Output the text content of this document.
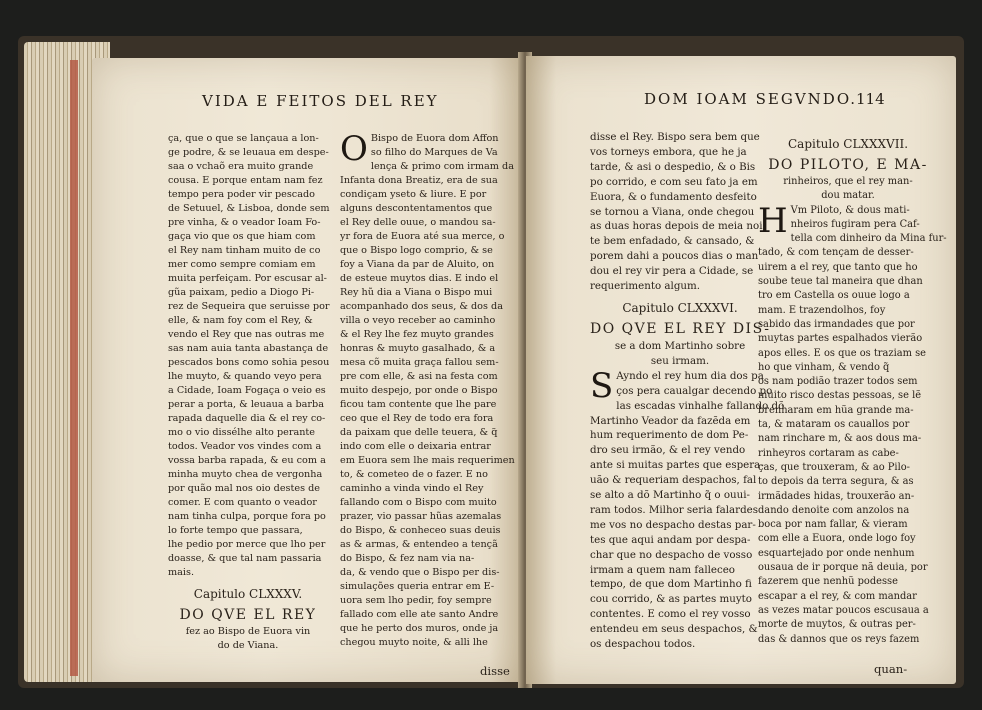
VIDA E FEITOS DEL REY
ça, que o que se lançaua a lon-
ge podre, & se leuaua em despe-
saa o vchaõ era muito grande
cousa. E porque entam nam fez
tempo pera poder vir pescado
de Setuuel, & Lisboa, donde sem
pre vinha, & o veador Ioam Fo-
gaça vio que os que hiam com
el Rey nam tinham muito de co
mer como sempre comiam em
muita perfeiçam. Por escusar al-
gũa paixam, pedio a Diogo Pi-
rez de Sequeira que seruisse por
elle, & nam foy com el Rey, &
vendo el Rey que nas outras me
sas nam auia tanta abastança de
pescados bons como sohia pesou
lhe muyto, & quando veyo pera
a Cidade, Ioam Fogaça o veio es
perar a porta, & leuaua a barba
rapada daquelle dia & el rey co-
mo o vio dissélhe alto perante
todos. Veador vos vindes com a
vossa barba rapada, & eu com a
minha muyto chea de vergonha
por quão mal nos oio destes de
comer. E com quanto o veador
nam tinha culpa, porque fora po
lo forte tempo que passara,
lhe pedio por merce que lho per
doasse, & que tal nam passaria
mais.
Capitulo CLXXXV.
DO QVE EL REY
fez ao Bispo de Euora vin
do de Viana.
O Bispo de Euora dom Affon
so filho do Marques de Va
lença & primo com irmam da
Infanta dona Breatiz, era de sua
condiçam yseto & liure. E por
alguns descontentamentos que
el Rey delle ouue, o mandou sa-
yr fora de Euora até sua merce, o
que o Bispo logo comprio, & se
foy a Viana da par de Aluito, on
de esteue muytos dias. E indo el
Rey hũ dia a Viana o Bispo mui
acompanhado dos seus, & dos da
villa o veyo receber ao caminho
& el Rey lhe fez muyto grandes
honras & muyto gasalhado, & a
mesa cõ muita graça fallou sem-
pre com elle, & asi na festa com
muito despejo, por onde o Bispo
ficou tam contente que lhe pare
ceo que el Rey de todo era fora
da paixam que delle teuera, & q̃
indo com elle o deixaria entrar
em Euora sem lhe mais requerimen
to, & cometeo de o fazer. E no
caminho a vinda vindo el Rey
fallando com o Bispo com muito
prazer, vio passar hũas azemalas
do Bispo, & conheceo suas deuis
as & armas, & entendeo a tençã
do Bispo, & fez nam via na-
da, & vendo que o Bispo per dis-
simulações queria entrar em E-
uora sem lho pedir, foy sempre
fallado com elle ate santo Andre
que he perto dos muros, onde ja
chegou muyto noite, & alli lhe
disse
DOM IOAM SEGVNDO.
114
disse el Rey. Bispo sera bem que
vos torneys embora, que he ja
tarde, & asi o despedio, & o Bis
po corrido, e com seu fato ja em
Euora, & o fundamento desfeito
se tornou a Viana, onde chegou
as duas horas depois de meia noi
te bem enfadado, & cansado, &
porem dahi a poucos dias o man
dou el rey vir pera a Cidade, se
requerimento algum.
Capitulo CLXXXVI.
DO QVE EL REY DIS-
se a dom Martinho sobre
seu irmam.
S Ayndo el rey hum dia dos pa
ços pera caualgar decendo po
las escadas vinhalhe fallando dõ
Martinho Veador da fazẽda em
hum requerimento de dom Pe-
dro seu irmão, & el rey vendo
ante si muitas partes que espera-
uão & requeriam despachos, fal
se alto a dõ Martinho q̃ o ouui-
ram todos. Milhor seria falardes
me vos no despacho destas par-
tes que aqui andam por despa-
char que no despacho de vosso
irmam a quem nam falleceo
tempo, de que dom Martinho fi
cou corrido, & as partes muyto
contentes. E como el rey vosso
entendeu em seus despachos, &
os despachou todos.
Capitulo CLXXXVII.
DO PILOTO, E MA-
rinheiros, que el rey man-
dou matar.
H Vm Piloto, & dous mati-
nheiros fugiram pera Caf-
tella com dinheiro da Mina fur-
tado, & com tençam de desser-
uirem a el rey, que tanto que ho
soube teue tal maneira que dhan
tro em Castella os ouue logo a
mam. E trazendolhos, foy
sabido das irmandades que por
muytas partes espalhados vierão
apos elles. E os que os traziam se
ho que vinham, & vendo q̃
os nam podião trazer todos sem
muito risco destas pessoas, se lẽ
brenharam em hũa grande ma-
ta, & mataram os cauallos por
nam rinchare m, & aos dous ma-
rinheyros cortaram as cabe-
ças, que trouxeram, & ao Pilo-
to depois da terra segura, & as
irmãdades hidas, trouxerão an-
dando denoite com anzolos na
boca por nam fallar, & vieram
com elle a Euora, onde logo foy
esquartejado por onde nenhum
ousaua de ir porque nã deuia, por
fazerem que nenhũ podesse
escapar a el rey, & com mandar
as vezes matar poucos escusaua a
morte de muytos, & outras per-
das & dannos que os reys fazem
quan-
